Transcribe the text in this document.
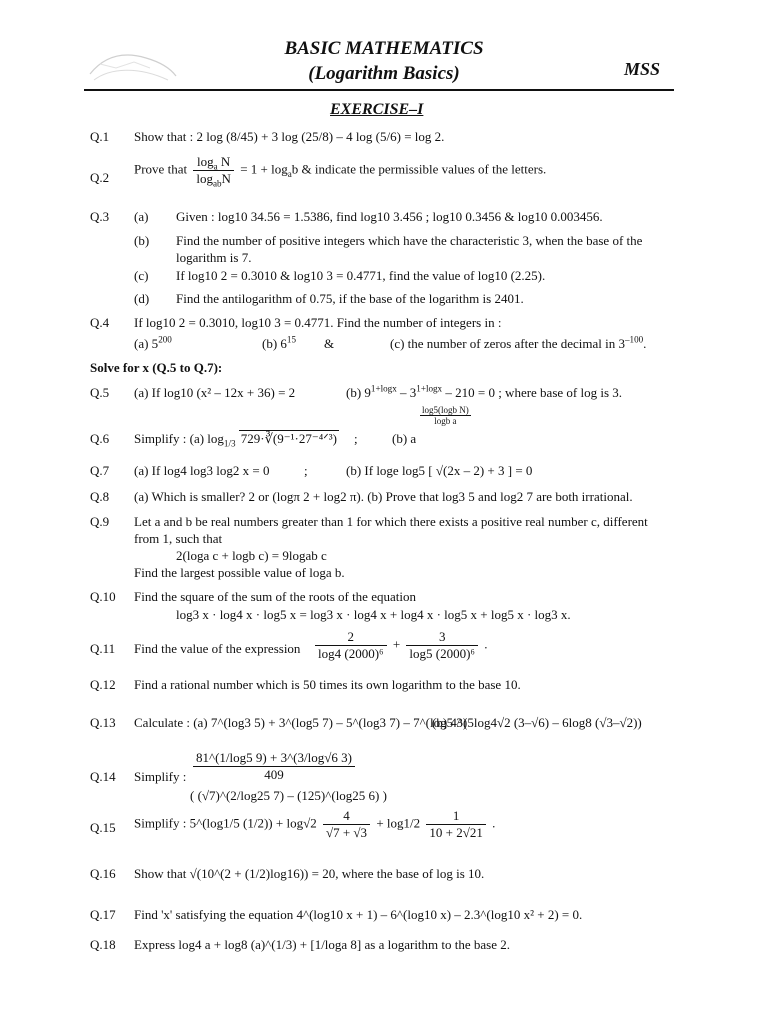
BASIC MATHEMATICS
(Logarithm Basics)	MSS
EXERCISE–I
Q.1 Show that : 2 log (8/45) + 3 log (25/8) – 4 log (5/6) = log 2.
Q.2
Prove that $\frac{\log_a N}{\log_{ab}N} = 1 + \log_ab$ & indicate the permissible values of the letters.
Q.3 (a) Given : log10 34.56 = 1.5386, find log10 3.456 ; log10 0.3456 & log10 0.003456.
(b) Find the number of positive integers which have the characteristic 3, when the base of the
logarithm is 7.
(c) If log10 2 = 0.3010 & log10 3 = 0.4771, find the value of log10 (2.25).
(d) Find the antilogarithm of 0.75, if the base of the logarithm is 2401.
Q.4 If log10 2 = 0.3010, log10 3 = 0.4771. Find the number of integers in :
(a) $5^{200}$	(b) $6^{15}$ &	(c) the number of zeros after the decimal in $3^{-100}$.
Solve for x (Q.5 to Q.7):
Q.5 (a) If log10 (x² – 12x + 36) = 2	(b) $9^{1+logx} - 3^{1+logx} - 210 = 0$ ; where base of log is 3.
Q.6 Simplify : (a) $\log_{1/3}$ 729·∛(9⁻¹·27⁻⁴ᐟ³) ;	(b) a
log5(logb N)
logb a
Q.7 (a) If log4 log3 log2 x = 0	;	(b) If loge log5 [ √(2x – 2) + 3 ] = 0
Q.8 (a) Which is smaller? 2 or (logπ 2 + log2 π). (b) Prove that log3 5 and log2 7 are both irrational.
Q.9 Let a and b be real numbers greater than 1 for which there exists a positive real number c, different
from 1, such that
2(loga c + logb c) = 9logab c
Find the largest possible value of loga b.
Q.10 Find the square of the sum of the roots of the equation
log3 x · log4 x · log5 x = log3 x · log4 x + log4 x · log5 x + log5 x · log3 x.
Q.11 Find the value of the expression $\frac{2}{\text{log4 (2000)⁶}} + \frac{3}{\text{log5 (2000)⁶}}$ .
Q.12 Find a rational number which is 50 times its own logarithm to the base 10.
Q.13 Calculate : (a) 7^(log3 5) + 3^(log5 7) – 5^(log3 7) – 7^(log5 3)
(b) 4^(5log4√2 (3–√6) – 6log8 (√3–√2))
Q.14 Simplify : $\frac{81\^{}(1/\log 5 9) + 3\^{}(3/\log√6 3)}{409}$
( (√7)^(2/log25 7) – (125)^(log25 6) )
Q.15 Simplify : 5^(log1/5 $(1/2)) + \log√2 \frac{4}{√7 + √3} + \log 1/2 \frac{1}{10 + 2√21}$ .
Q.16 Show that √(10^(2 + (1/2)log16)) = 20, where the base of log is 10.
Q.17 Find 'x' satisfying the equation 4^(log10 x + 1) – 6^(log10 x) – 2.3^(log10 x² + 2) = 0.
Q.18 Express log4 a + log8 (a)^(1/3) + [1/loga 8] as a logarithm to the base 2.
